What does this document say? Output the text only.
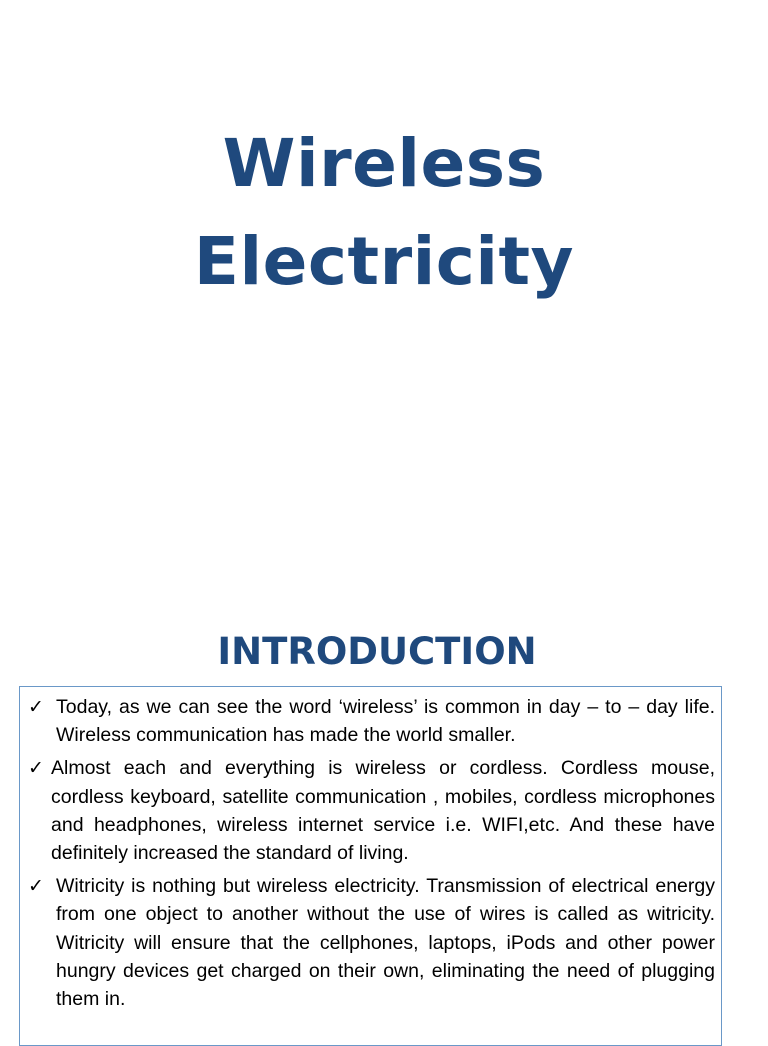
Wireless
Electricity
INTRODUCTION
✓ Today, as we can see the word ‘wireless’ is common in day – to – day life. Wireless communication has made the world smaller.
✓ Almost each and everything is wireless or cordless. Cordless mouse, cordless keyboard, satellite communication , mobiles, cordless microphones and headphones, wireless internet service i.e. WIFI,etc. And these have definitely increased the standard of living.
✓ Witricity is nothing but wireless electricity. Transmission of electrical energy from one object to another without the use of wires is called as witricity. Witricity will ensure that the cellphones, laptops, iPods and other power hungry devices get charged on their own, eliminating the need of plugging them in.
